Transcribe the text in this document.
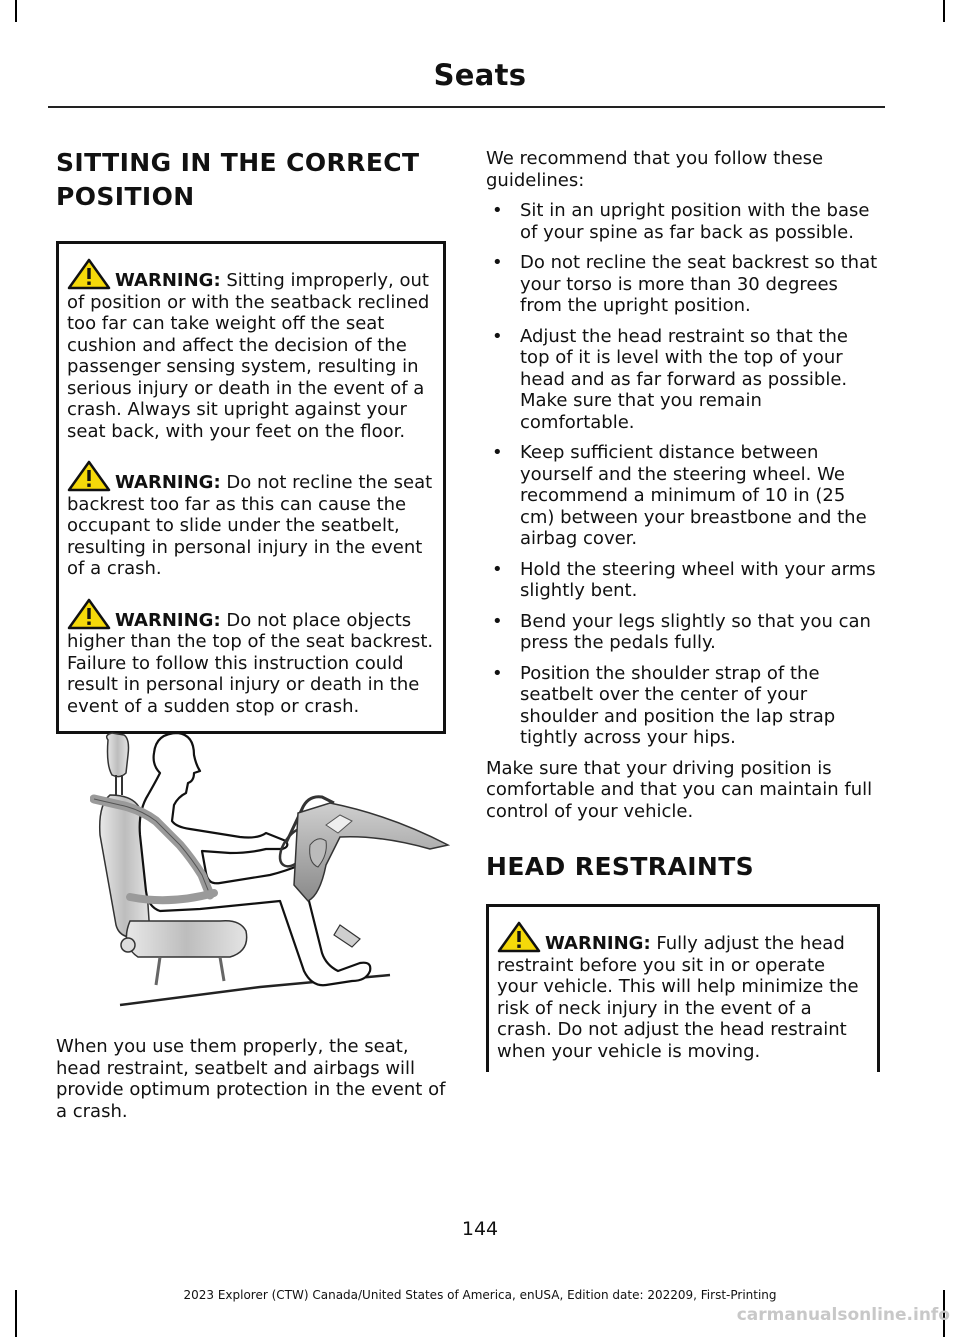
Seats
SITTING IN THE CORRECT
POSITION

WARNING: Sitting improperly, out of position or with the seatback reclined too far can take weight off the seat cushion and affect the decision of the passenger sensing system, resulting in serious injury or death in the event of a crash. Always sit upright against your seat back, with your feet on the floor.

WARNING: Do not recline the seat backrest too far as this can cause the occupant to slide under the seatbelt, resulting in personal injury in the event of a crash.

WARNING: Do not place objects higher than the top of the seat backrest. Failure to follow this instruction could result in personal injury or death in the event of a sudden stop or crash.

When you use them properly, the seat, head restraint, seatbelt and airbags will provide optimum protection in the event of a crash.

We recommend that you follow these guidelines:

• Sit in an upright position with the base of your spine as far back as possible.
• Do not recline the seat backrest so that your torso is more than 30 degrees from the upright position.
• Adjust the head restraint so that the top of it is level with the top of your head and as far forward as possible. Make sure that you remain comfortable.
• Keep sufficient distance between yourself and the steering wheel. We recommend a minimum of 10 in (25 cm) between your breastbone and the airbag cover.
• Hold the steering wheel with your arms slightly bent.
• Bend your legs slightly so that you can press the pedals fully.
• Position the shoulder strap of the seatbelt over the center of your shoulder and position the lap strap tightly across your hips.

Make sure that your driving position is comfortable and that you can maintain full control of your vehicle.

HEAD RESTRAINTS

WARNING: Fully adjust the head restraint before you sit in or operate your vehicle. This will help minimize the risk of neck injury in the event of a crash. Do not adjust the head restraint when your vehicle is moving.

144
2023 Explorer (CTW) Canada/United States of America, enUSA, Edition date: 202209, First-Printing
carmanualsonline.info
